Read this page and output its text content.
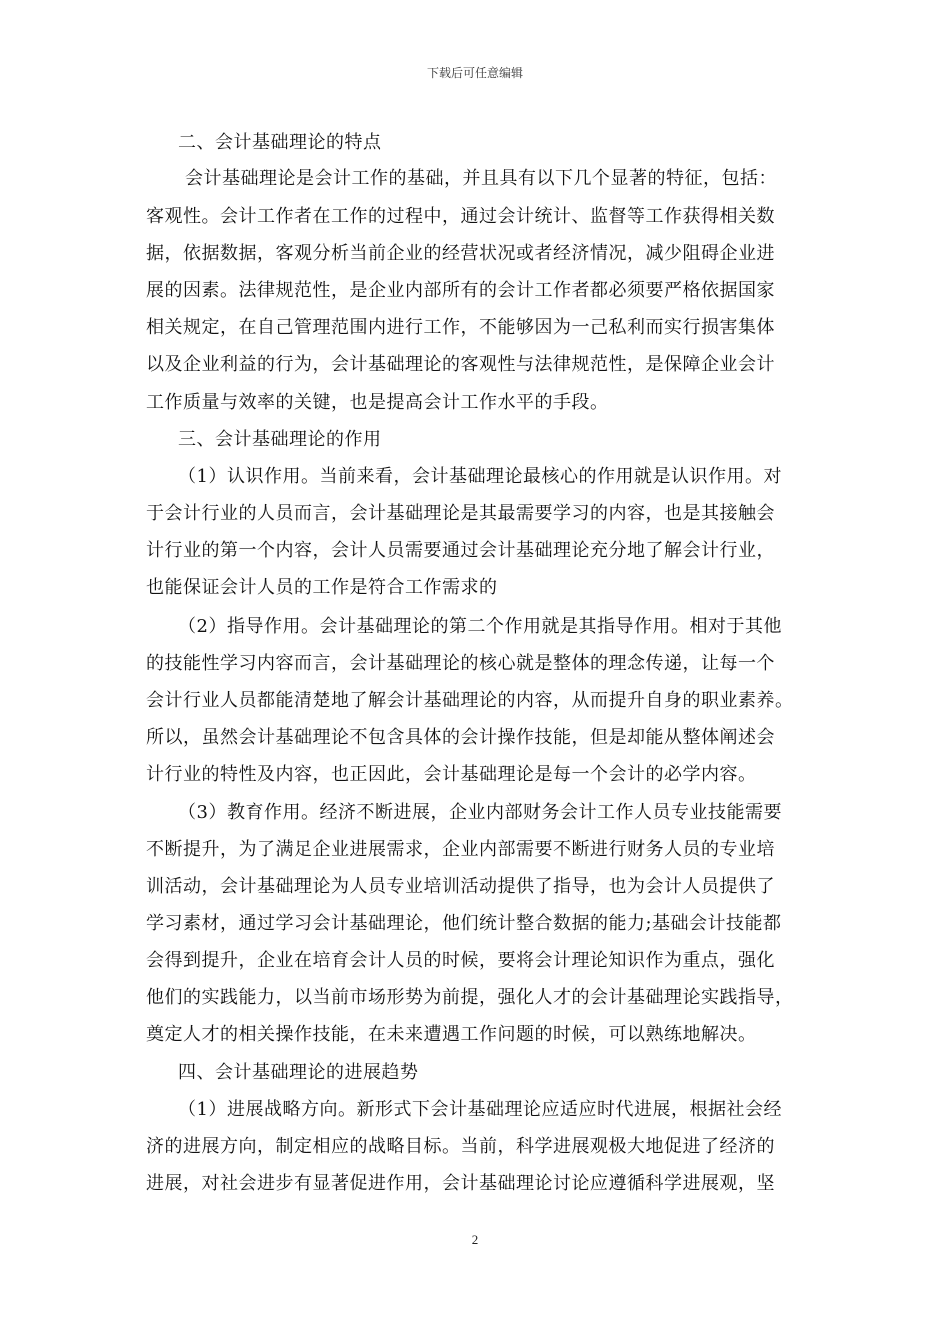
下载后可任意编辑
二、会计基础理论的特点
会计基础理论是会计工作的基础，并且具有以下几个显著的特征，包括：
客观性。会计工作者在工作的过程中，通过会计统计、监督等工作获得相关数
据，依据数据，客观分析当前企业的经营状况或者经济情况，减少阻碍企业进
展的因素。法律规范性，是企业内部所有的会计工作者都必须要严格依据国家
相关规定，在自己管理范围内进行工作，不能够因为一己私利而实行损害集体
以及企业利益的行为，会计基础理论的客观性与法律规范性，是保障企业会计
工作质量与效率的关键，也是提高会计工作水平的手段。
三、会计基础理论的作用
（1）认识作用。当前来看，会计基础理论最核心的作用就是认识作用。对
于会计行业的人员而言，会计基础理论是其最需要学习的内容，也是其接触会
计行业的第一个内容，会计人员需要通过会计基础理论充分地了解会计行业，
也能保证会计人员的工作是符合工作需求的
（2）指导作用。会计基础理论的第二个作用就是其指导作用。相对于其他
的技能性学习内容而言，会计基础理论的核心就是整体的理念传递，让每一个
会计行业人员都能清楚地了解会计基础理论的内容，从而提升自身的职业素养。
所以，虽然会计基础理论不包含具体的会计操作技能，但是却能从整体阐述会
计行业的特性及内容，也正因此，会计基础理论是每一个会计的必学内容。
（3）教育作用。经济不断进展，企业内部财务会计工作人员专业技能需要
不断提升，为了满足企业进展需求，企业内部需要不断进行财务人员的专业培
训活动，会计基础理论为人员专业培训活动提供了指导，也为会计人员提供了
学习素材，通过学习会计基础理论，他们统计整合数据的能力;基础会计技能都
会得到提升，企业在培育会计人员的时候，要将会计理论知识作为重点，强化
他们的实践能力，以当前市场形势为前提，强化人才的会计基础理论实践指导，
奠定人才的相关操作技能，在未来遭遇工作问题的时候，可以熟练地解决。
四、会计基础理论的进展趋势
（1）进展战略方向。新形式下会计基础理论应适应时代进展，根据社会经
济的进展方向，制定相应的战略目标。当前，科学进展观极大地促进了经济的
进展，对社会进步有显著促进作用，会计基础理论讨论应遵循科学进展观，坚
2
